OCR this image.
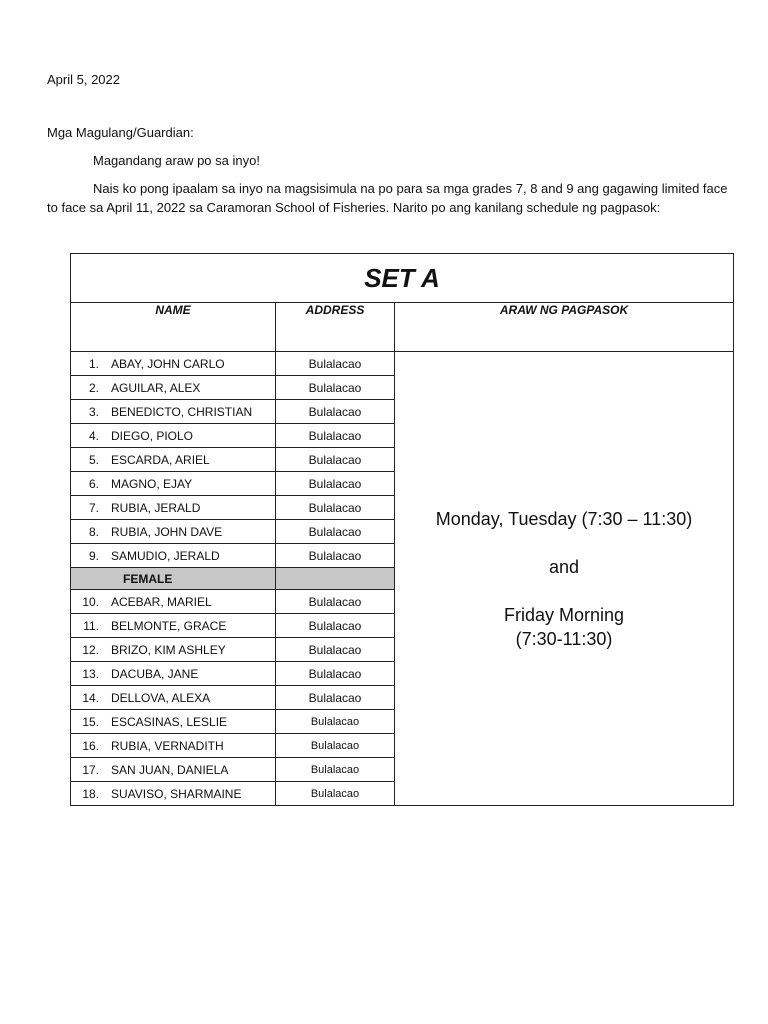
April 5, 2022
Mga Magulang/Guardian:
Magandang araw po sa inyo!
Nais ko pong ipaalam sa inyo na magsisimula na po para sa mga grades 7, 8 and 9 ang gagawing limited face
to face sa April 11, 2022 sa Caramoran School of Fisheries. Narito po ang kanilang schedule ng pagpasok:
SET A		
NAME	ADDRESS	ARAW NG PAGPASOK
1. ABAY, JOHN CARLO	Bulalacao	Monday, Tuesday (7:30 – 11:30)
and
Friday Morning
(7:30-11:30)

2. AGUILAR, ALEX	Bulalacao	
3. BENEDICTO, CHRISTIAN	Bulalacao	
4. DIEGO, PIOLO	Bulalacao	
5. ESCARDA, ARIEL	Bulalacao	
6. MAGNO, EJAY	Bulalacao	
7. RUBIA, JERALD	Bulalacao	
8. RUBIA, JOHN DAVE	Bulalacao	
9. SAMUDIO, JERALD	Bulalacao	
FEMALE		
10. ACEBAR, MARIEL	Bulalacao	
11. BELMONTE, GRACE	Bulalacao	
12. BRIZO, KIM ASHLEY	Bulalacao	
13. DACUBA, JANE	Bulalacao	
14. DELLOVA, ALEXA	Bulalacao	
15. ESCASINAS, LESLIE	Bulalacao	
16. RUBIA, VERNADITH	Bulalacao	
17. SAN JUAN, DANIELA	Bulalacao	
18. SUAVISO, SHARMAINE	Bulalacao	
